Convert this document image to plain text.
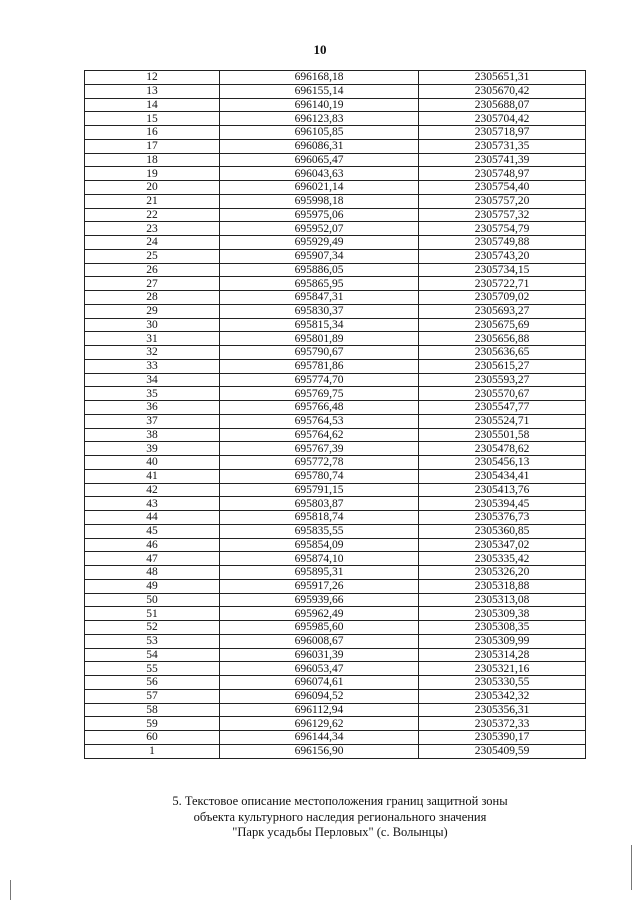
10
12	696168,18	2305651,31
13	696155,14	2305670,42
14	696140,19	2305688,07
15	696123,83	2305704,42
16	696105,85	2305718,97
17	696086,31	2305731,35
18	696065,47	2305741,39
19	696043,63	2305748,97
20	696021,14	2305754,40
21	695998,18	2305757,20
22	695975,06	2305757,32
23	695952,07	2305754,79
24	695929,49	2305749,88
25	695907,34	2305743,20
26	695886,05	2305734,15
27	695865,95	2305722,71
28	695847,31	2305709,02
29	695830,37	2305693,27
30	695815,34	2305675,69
31	695801,89	2305656,88
32	695790,67	2305636,65
33	695781,86	2305615,27
34	695774,70	2305593,27
35	695769,75	2305570,67
36	695766,48	2305547,77
37	695764,53	2305524,71
38	695764,62	2305501,58
39	695767,39	2305478,62
40	695772,78	2305456,13
41	695780,74	2305434,41
42	695791,15	2305413,76
43	695803,87	2305394,45
44	695818,74	2305376,73
45	695835,55	2305360,85
46	695854,09	2305347,02
47	695874,10	2305335,42
48	695895,31	2305326,20
49	695917,26	2305318,88
50	695939,66	2305313,08
51	695962,49	2305309,38
52	695985,60	2305308,35
53	696008,67	2305309,99
54	696031,39	2305314,28
55	696053,47	2305321,16
56	696074,61	2305330,55
57	696094,52	2305342,32
58	696112,94	2305356,31
59	696129,62	2305372,33
60	696144,34	2305390,17
1	696156,90	2305409,59
5. Текстовое описание местоположения границ защитной зоны
объекта культурного наследия регионального значения
"Парк усадьбы Перловых" (с. Волынцы)
